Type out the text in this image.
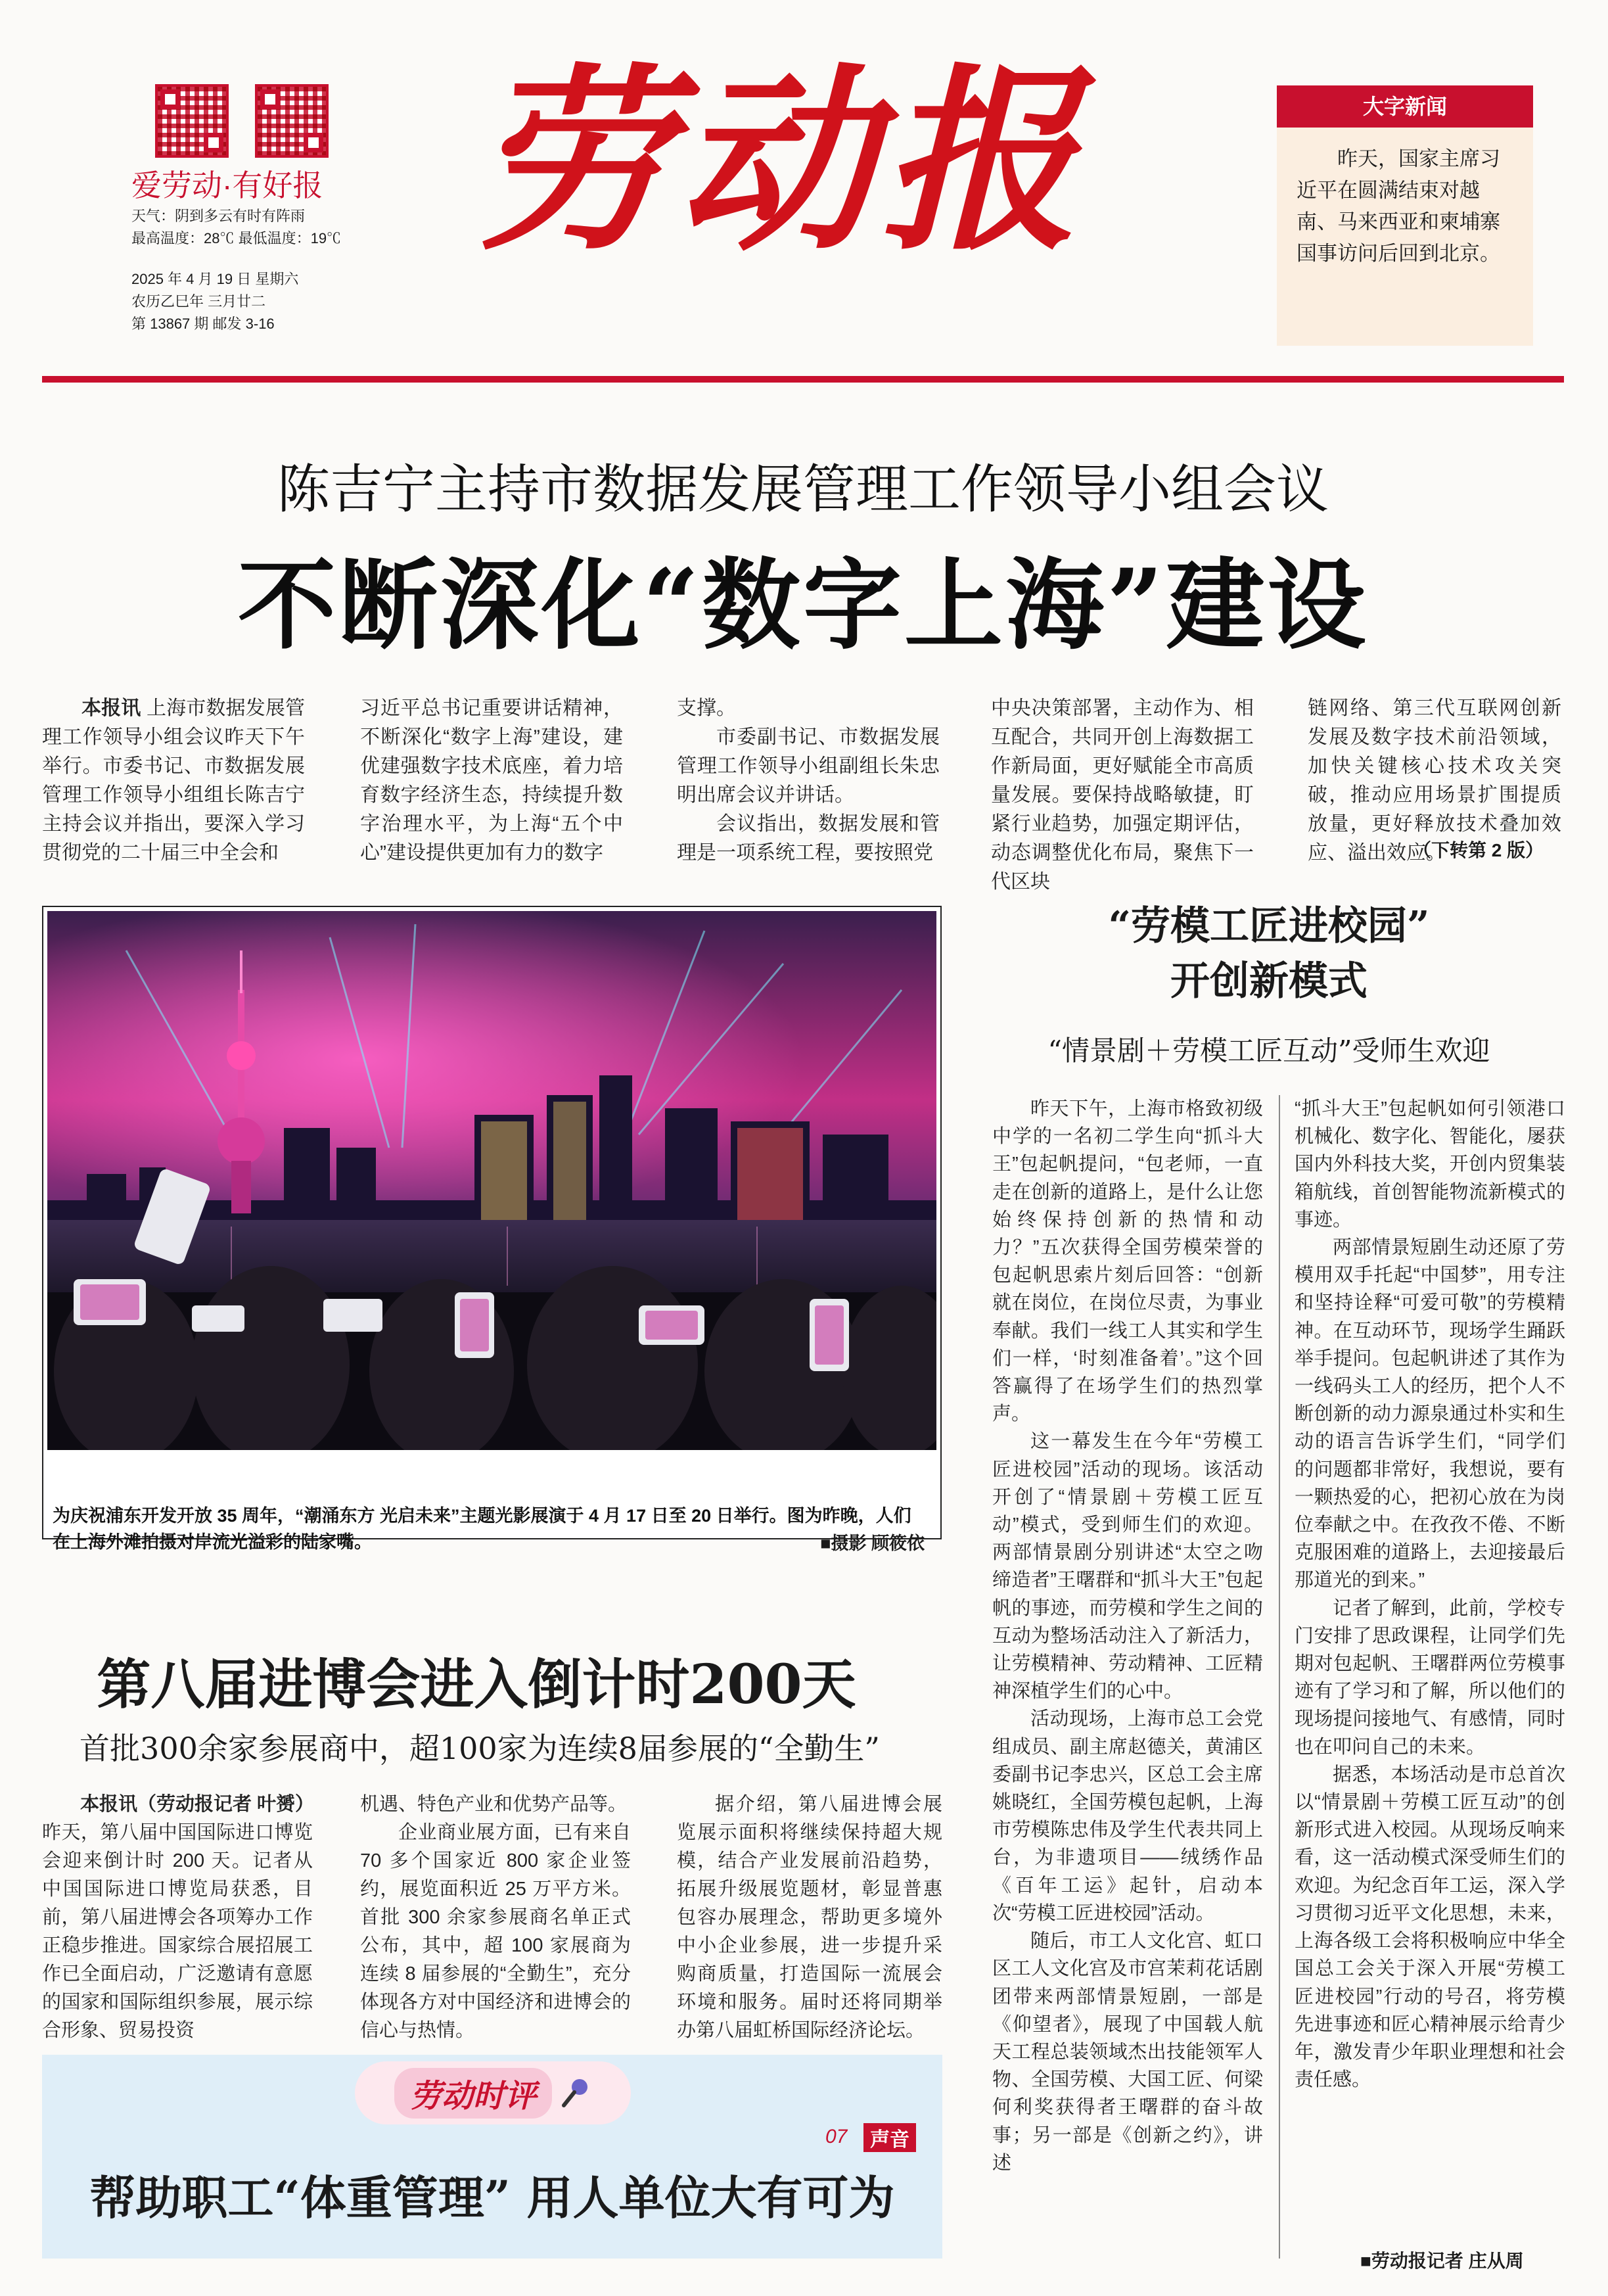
爱劳动·有好报
天气：阴到多云有时有阵雨
最高温度：28℃ 最低温度：19℃
2025 年 4 月 19 日 星期六
农历乙巳年 三月廿二
第 13867 期 邮发 3-16
劳动报	大字新闻
昨天，国家主席习近平在圆满结束对越南、马来西亚和柬埔寨国事访问后回到北京。
陈吉宁主持市数据发展管理工作领导小组会议
不断深化“数字上海”建设

本报讯 上海市数据发展管理工作领导小组会议昨天下午举行。市委书记、市数据发展管理工作领导小组组长陈吉宁主持会议并指出，要深入学习贯彻党的二十届三中全会和

习近平总书记重要讲话精神，不断深化“数字上海”建设，建优建强数字技术底座，着力培育数字经济生态，持续提升数字治理水平，为上海“五个中心”建设提供更加有力的数字

支撑。

市委副书记、市数据发展管理工作领导小组副组长朱忠明出席会议并讲话。

会议指出，数据发展和管理是一项系统工程，要按照党

中央决策部署，主动作为、相互配合，共同开创上海数据工作新局面，更好赋能全市高质量发展。要保持战略敏捷，盯紧行业趋势，加强定期评估，动态调整优化布局，聚焦下一代区块

链网络、第三代互联网创新发展及数字技术前沿领域，加快关键核心技术攻关突破，推动应用场景扩围提质放量，更好释放技术叠加效应、溢出效应。

（下转第 2 版）
为庆祝浦东开发开放 35 周年，“潮涌东方 光启未来”主题光影展演于 4 月 17 日至 20 日举行。图为昨晚，人们在上海外滩拍摄对岸流光溢彩的陆家嘴。	■摄影 顾筱依
“劳模工匠进校园”
开创新模式
“情景剧＋劳模工匠互动”受师生欢迎

昨天下午，上海市格致初级中学的一名初二学生向“抓斗大王”包起帆提问，“包老师，一直走在创新的道路上，是什么让您始终保持创新的热情和动力？”五次获得全国劳模荣誉的包起帆思索片刻后回答：“创新就在岗位，在岗位尽责，为事业奉献。我们一线工人其实和学生们一样，‘时刻准备着’。”这个回答赢得了在场学生们的热烈掌声。

这一幕发生在今年“劳模工匠进校园”活动的现场。该活动开创了“情景剧＋劳模工匠互动”模式，受到师生们的欢迎。两部情景剧分别讲述“太空之吻缔造者”王曙群和“抓斗大王”包起帆的事迹，而劳模和学生之间的互动为整场活动注入了新活力，让劳模精神、劳动精神、工匠精神深植学生们的心中。

活动现场，上海市总工会党组成员、副主席赵德关，黄浦区委副书记李忠兴，区总工会主席姚晓红，全国劳模包起帆，上海市劳模陈忠伟及学生代表共同上台，为非遗项目——绒绣作品《百年工运》起针，启动本次“劳模工匠进校园”活动。

随后，市工人文化宫、虹口区工人文化宫及市宫茉莉花话剧团带来两部情景短剧，一部是《仰望者》，展现了中国载人航天工程总装领域杰出技能领军人物、全国劳模、大国工匠、何梁何利奖获得者王曙群的奋斗故事；另一部是《创新之约》，讲述

“抓斗大王”包起帆如何引领港口机械化、数字化、智能化，屡获国内外科技大奖，开创内贸集装箱航线，首创智能物流新模式的事迹。

两部情景短剧生动还原了劳模用双手托起“中国梦”，用专注和坚持诠释“可爱可敬”的劳模精神。在互动环节，现场学生踊跃举手提问。包起帆讲述了其作为一线码头工人的经历，把个人不断创新的动力源泉通过朴实和生动的语言告诉学生们，“同学们的问题都非常好，我想说，要有一颗热爱的心，把初心放在为岗位奉献之中。在孜孜不倦、不断克服困难的道路上，去迎接最后那道光的到来。”

记者了解到，此前，学校专门安排了思政课程，让同学们先期对包起帆、王曙群两位劳模事迹有了学习和了解，所以他们的现场提问接地气、有感情，同时也在叩问自己的未来。

据悉，本场活动是市总首次以“情景剧＋劳模工匠互动”的创新形式进入校园。从现场反响来看，这一活动模式深受师生们的欢迎。为纪念百年工运，深入学习贯彻习近平文化思想，未来，上海各级工会将积极响应中华全国总工会关于深入开展“劳模工匠进校园”行动的号召，将劳模先进事迹和匠心精神展示给青少年，激发青少年职业理想和社会责任感。

■劳动报记者 庄从周
第八届进博会进入倒计时200天
首批300余家参展商中，超100家为连续8届参展的“全勤生”

本报讯（劳动报记者 叶赟）昨天，第八届中国国际进口博览会迎来倒计时 200 天。记者从中国国际进口博览局获悉，目前，第八届进博会各项筹办工作正稳步推进。国家综合展招展工作已全面启动，广泛邀请有意愿的国家和国际组织参展，展示综合形象、贸易投资

机遇、特色产业和优势产品等。

企业商业展方面，已有来自 70 多个国家近 800 家企业签约，展览面积近 25 万平方米。首批 300 余家参展商名单正式公布，其中，超 100 家展商为连续 8 届参展的“全勤生”，充分体现各方对中国经济和进博会的信心与热情。

据介绍，第八届进博会展览展示面积将继续保持超大规模，结合产业发展前沿趋势，拓展升级展览题材，彰显普惠包容办展理念，帮助更多境外中小企业参展，进一步提升采购商质量，打造国际一流展会环境和服务。届时还将同期举办第八届虹桥国际经济论坛。

劳动时评
07	声音
帮助职工“体重管理” 用人单位大有可为
